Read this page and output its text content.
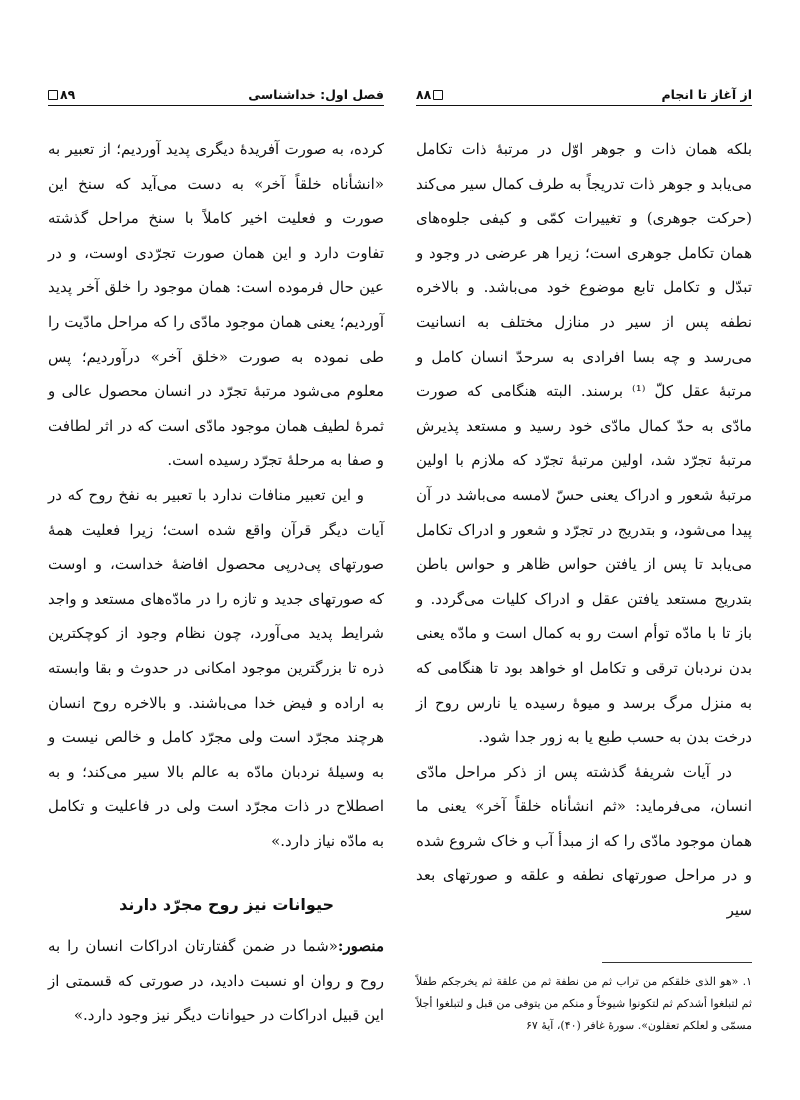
فصل اول: خداشناسی
۸۹

کرده، به صورت آفریدهٔ دیگری پدید آوردیم؛ از تعبیر به «انشأناه خلقاً آخر» به دست می‌آید که سنخ این صورت و فعلیت اخیر کاملاً با سنخ مراحل گذشته تفاوت دارد و این همان صورت تجرّدی اوست، و در عین حال فرموده است: همان موجود را خلق آخر پدید آوردیم؛ یعنی همان موجود مادّی را که مراحل مادّیت را طی نموده به صورت «خلق آخر» درآوردیم؛ پس معلوم می‌شود مرتبهٔ تجرّد در انسان محصول عالی و ثمرهٔ لطیف همان موجود مادّی است که در اثر لطافت و صفا به مرحلهٔ تجرّد رسیده است.

و این تعبیر منافات ندارد با تعبیر به نفخ روح که در آیات دیگر قرآن واقع شده است؛ زیرا فعلیت همهٔ صورتهای پی‌درپی محصول افاضهٔ خداست، و اوست که صورتهای جدید و تازه را در مادّه‌های مستعد و واجد شرایط پدید می‌آورد، چون نظام وجود از کوچکترین ذره تا بزرگترین موجود امکانی در حدوث و بقا وابسته به اراده و فیض خدا می‌باشند. و بالاخره روح انسان هرچند مجرّد است ولی مجرّد کامل و خالص نیست و به وسیلهٔ نردبان مادّه به عالم بالا سیر می‌کند؛ و به اصطلاح در ذات مجرّد است ولی در فاعلیت و تکامل به مادّه نیاز دارد.»

حیوانات نیز روح مجرّد دارند

منصور:«شما در ضمن گفتارتان ادراکات انسان را به روح و روان او نسبت دادید، در صورتی که قسمتی از این قبیل ادراکات در حیوانات دیگر نیز وجود دارد.»

از آغاز تا انجام
۸۸

بلکه همان ذات و جوهر اوّل در مرتبهٔ ذات تکامل می‌یابد و جوهر ذات تدریجاً به طرف کمال سیر می‌کند (حرکت جوهری) و تغییرات کمّی و کیفی جلوه‌های همان تکامل جوهری است؛ زیرا هر عرضی در وجود و تبدّل و تکامل تابع موضوع خود می‌باشد. و بالاخره نطفه پس از سیر در منازل مختلف به انسانیت می‌رسد و چه بسا افرادی به سرحدّ انسان کامل و مرتبهٔ عقل کلّ ⁽¹⁾ برسند. البته هنگامی که صورت مادّی به حدّ کمال مادّی خود رسید و مستعد پذیرش مرتبهٔ تجرّد شد، اولین مرتبهٔ تجرّد که ملازم با اولین مرتبهٔ شعور و ادراک یعنی حسّ لامسه می‌باشد در آن پیدا می‌شود، و بتدریج در تجرّد و شعور و ادراک تکامل می‌یابد تا پس از یافتن حواس ظاهر و حواس باطن بتدریج مستعد یافتن عقل و ادراک کلیات می‌گردد. و باز تا با مادّه توأم است رو به کمال است و مادّه یعنی بدن نردبان ترقی و تکامل او خواهد بود تا هنگامی که به منزل مرگ برسد و میوهٔ رسیده یا نارس روح از درخت بدن به حسب طبع یا به زور جدا شود.

در آیات شریفهٔ گذشته پس از ذکر مراحل مادّی انسان، می‌فرماید: «ثم انشأناه خلقاً آخر» یعنی ما همان موجود مادّی را که از مبدأ آب و خاک شروع شده و در مراحل صورتهای نطفه و علقه و صورتهای بعد سیر

۱. «هو الذی خلقکم من تراب ثم من نطفة ثم من علقة ثم یخرجکم طفلاً ثم لتبلغوا أشدکم ثم لتکونوا شیوخاً و منکم من یتوفی من قبل و لتبلغوا أجلاً مسمّی و لعلکم تعقلون». سورهٔ غافر (۴۰)، آیهٔ ۶۷
